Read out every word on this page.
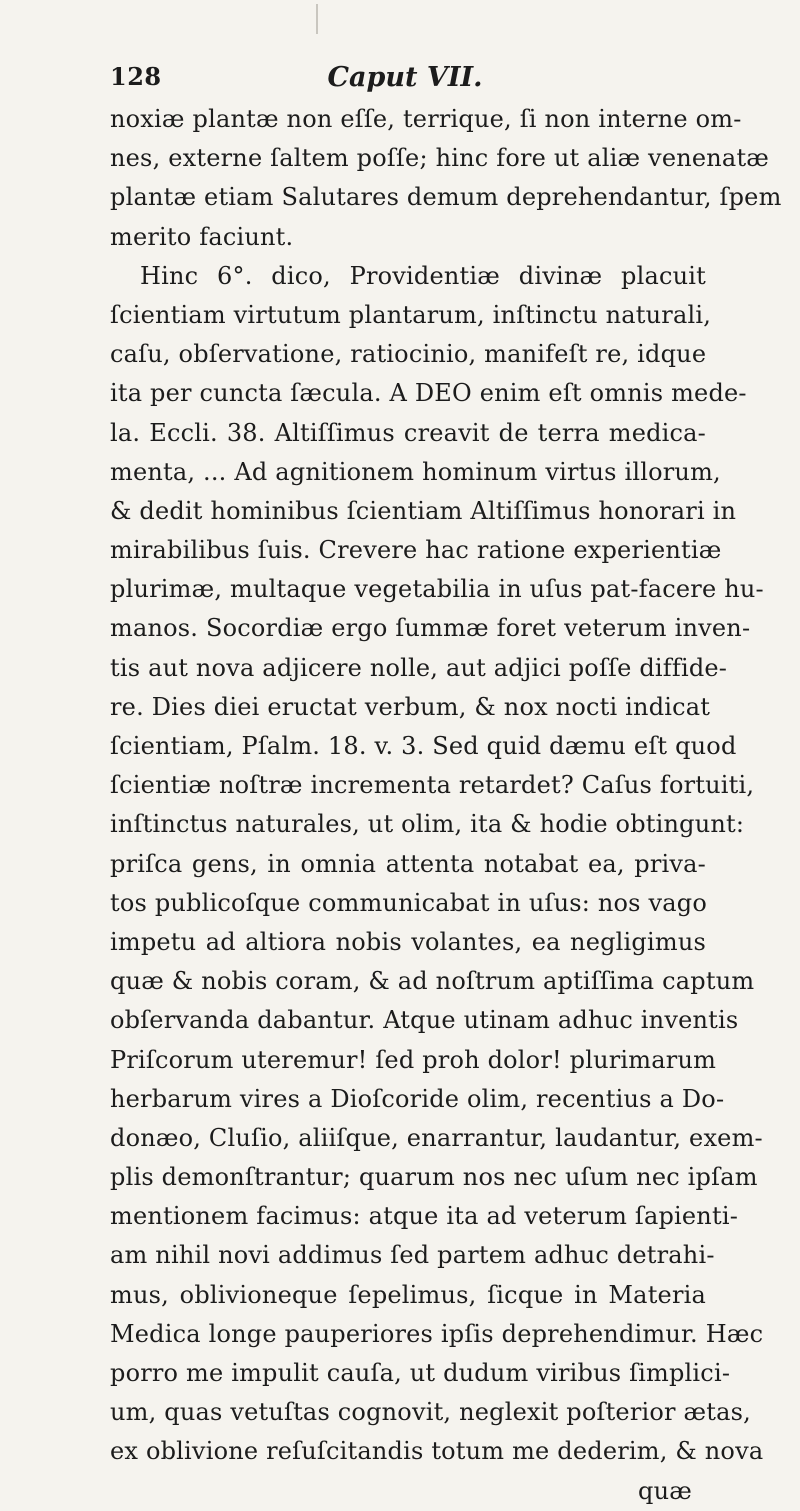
128	Caput VII.
noxiæ plantæ non eſſe, terrique, ſi non interne om-
nes, externe ſaltem poſſe; hinc fore ut aliæ venenatæ
plantæ etiam Salutares demum deprehendantur, ſpem
merito faciunt.
Hinc 6°. dico, Providentiæ divinæ placuit
ſcientiam virtutum plantarum, inſtinctu naturali,
caſu, obſervatione, ratiocinio, manifeſt re, idque
ita per cuncta ſæcula. A DEO enim eſt omnis mede-
la. Eccli. 38. Altiſſimus creavit de terra medica-
menta, ... Ad agnitionem hominum virtus illorum,
& dedit hominibus ſcientiam Altiſſimus honorari in
mirabilibus ſuis. Crevere hac ratione experientiæ
plurimæ, multaque vegetabilia in uſus pat-facere hu-
manos. Socordiæ ergo ſummæ foret veterum inven-
tis aut nova adjicere nolle, aut adjici poſſe diffide-
re. Dies diei eructat verbum, & nox nocti indicat
ſcientiam, Pſalm. 18. v. 3. Sed quid dæmu eſt quod
ſcientiæ noſtræ incrementa retardet? Caſus fortuiti,
inſtinctus naturales, ut olim, ita & hodie obtingunt:
priſca gens, in omnia attenta notabat ea, priva-
tos publicoſque communicabat in uſus: nos vago
impetu ad altiora nobis volantes, ea negligimus
quæ & nobis coram, & ad noſtrum aptiſſima captum
obſervanda dabantur. Atque utinam adhuc inventis
Priſcorum uteremur! ſed proh dolor! plurimarum
herbarum vires a Dioſcoride olim, recentius a Do-
donæo, Cluſio, aliiſque, enarrantur, laudantur, exem-
plis demonſtrantur; quarum nos nec uſum nec ipſam
mentionem facimus: atque ita ad veterum ſapienti-
am nihil novi addimus ſed partem adhuc detrahi-
mus, oblivioneque ſepelimus, ſicque in Materia
Medica longe pauperiores ipſis deprehendimur. Hæc
porro me impulit cauſa, ut dudum viribus ſimplici-
um, quas vetuſtas cognovit, neglexit poſterior ætas,
ex oblivione reſuſcitandis totum me dederim, & nova
quæ
